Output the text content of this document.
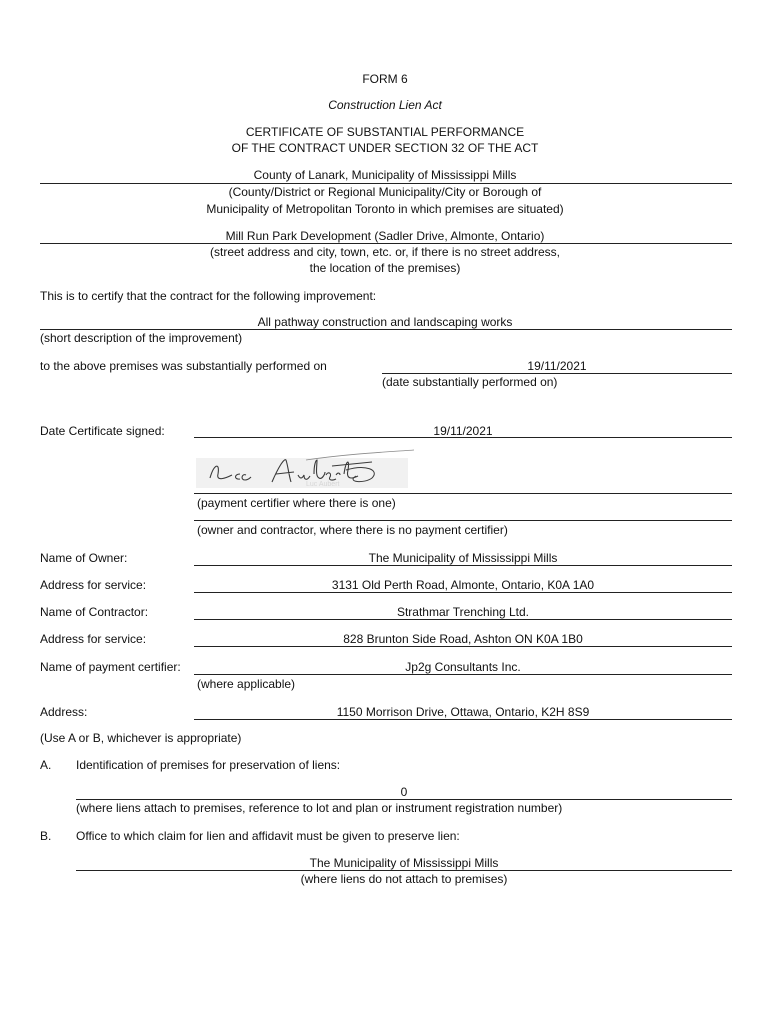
FORM 6
Construction Lien Act
CERTIFICATE OF SUBSTANTIAL PERFORMANCE
OF THE CONTRACT UNDER SECTION 32 OF THE ACT
County of Lanark, Municipality of Mississippi Mills
(County/District or Regional Municipality/City or Borough of
Municipality of Metropolitan Toronto in which premises are situated)
Mill Run Park Development (Sadler Drive, Almonte, Ontario)
(street address and city, town, etc. or, if there is no street address,
the location of the premises)
This is to certify that the contract for the following improvement:
All pathway construction and landscaping works
(short description of the improvement)
to the above premises was substantially performed on	19/11/2021
(date substantially performed on)
Date Certificate signed:	19/11/2021
Luc Aubert
(payment certifier where there is one)
(owner and contractor, where there is no payment certifier)
Name of Owner:	The Municipality of Mississippi Mills
Address for service:	3131 Old Perth Road, Almonte, Ontario, K0A 1A0
Name of Contractor:	Strathmar Trenching Ltd.
Address for service:	828 Brunton Side Road, Ashton ON K0A 1B0
Name of payment certifier:	Jp2g Consultants Inc.
(where applicable)
Address:	1150 Morrison Drive, Ottawa, Ontario, K2H 8S9
(Use A or B, whichever is appropriate)
A. Identification of premises for preservation of liens:
0
(where liens attach to premises, reference to lot and plan or instrument registration number)
B. Office to which claim for lien and affidavit must be given to preserve lien:
The Municipality of Mississippi Mills
(where liens do not attach to premises)
